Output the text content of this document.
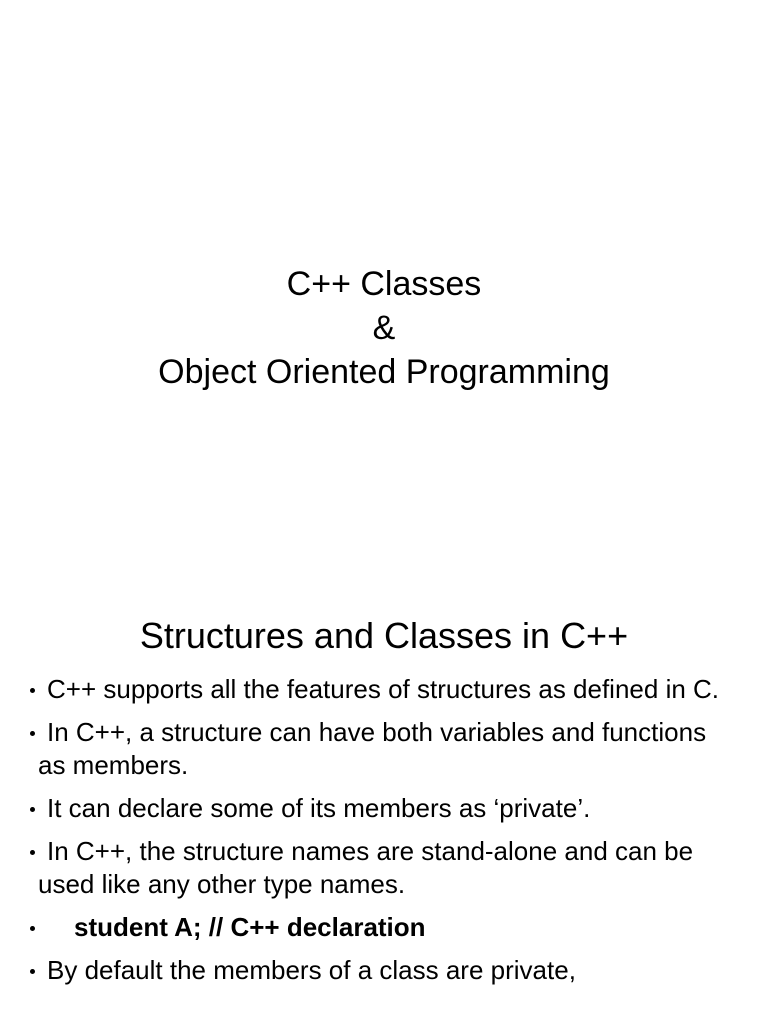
C++ Classes
&
Object Oriented Programming
Structures and Classes in C++
C++ supports all the features of structures as defined in C.
In C++, a structure can have both variables and functions as members.
It can declare some of its members as ‘private’.
In C++, the structure names are stand-alone and can be used like any other type names.
student A; // C++ declaration
By default the members of a class are private,
